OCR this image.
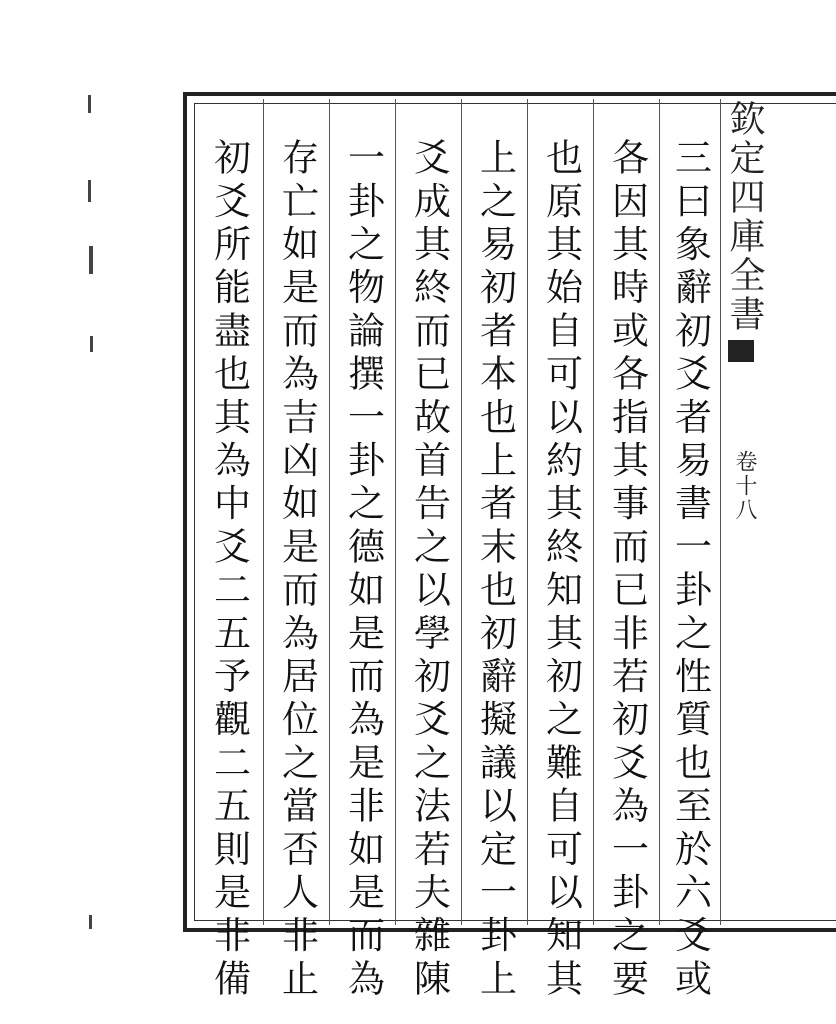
欽定四庫全書
卷十八
三曰象辭初爻者易書一卦之性質也至於六爻或
各因其時或各指其事而已非若初爻為一卦之要
也原其始自可以約其終知其初之難自可以知其
上之易初者本也上者末也初辭擬議以定一卦上
爻成其終而已故首告之以學初爻之法若夫雜陳
一卦之物論撰一卦之德如是而為是非如是而為
存亡如是而為吉凶如是而為居位之當否人非止
初爻所能盡也其為中爻二五予觀二五則是非備
